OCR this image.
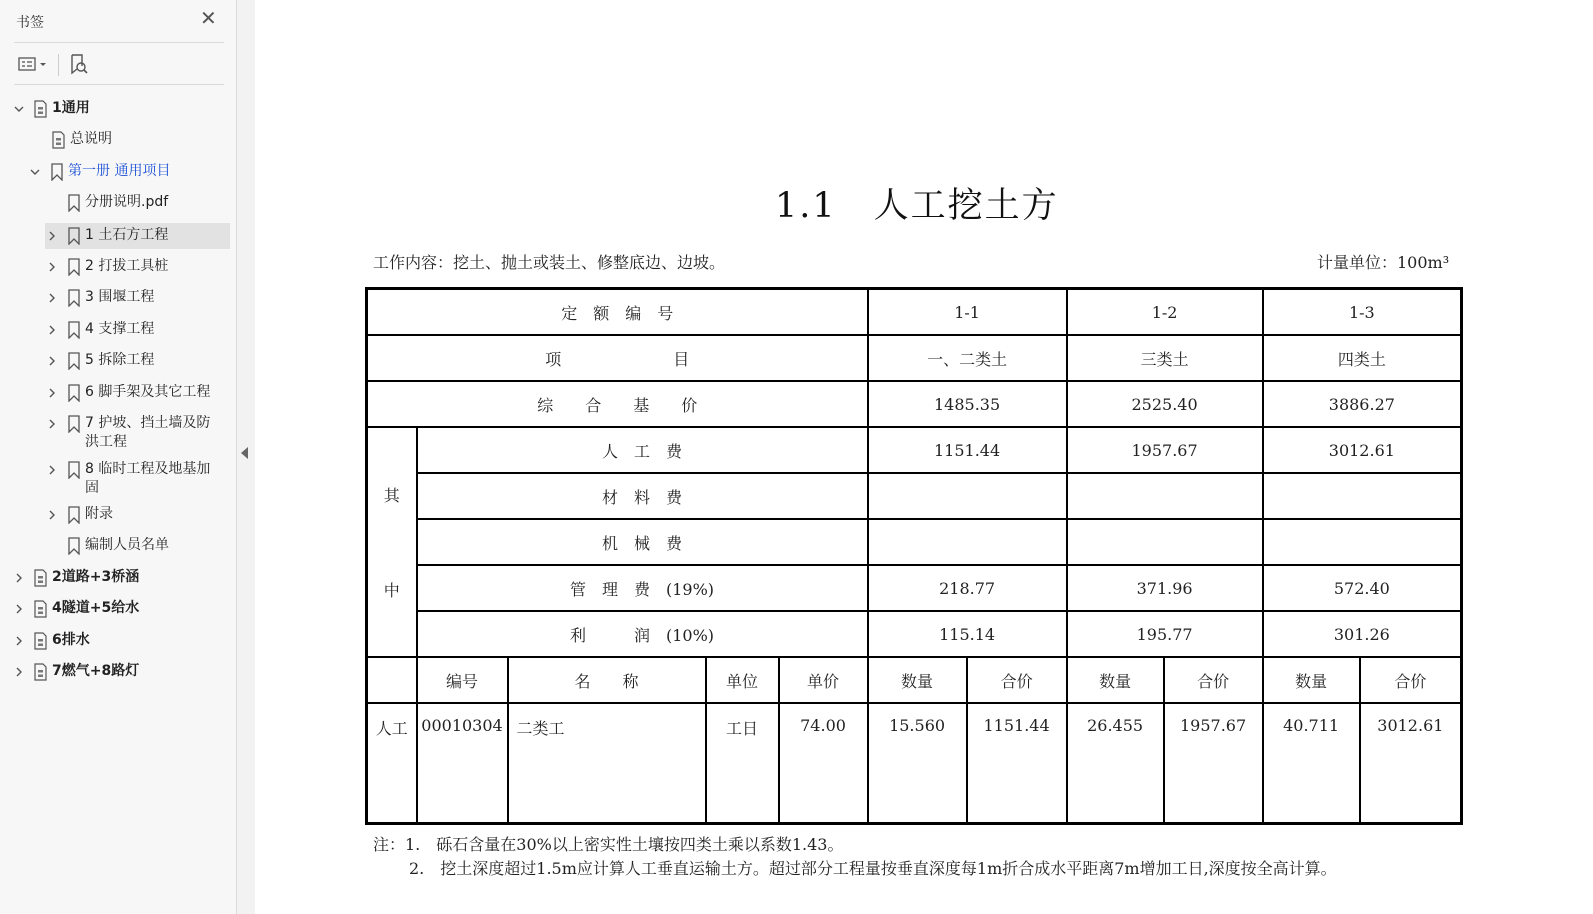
书签	✕
1通用
总说明
第一册 通用项目
分册说明.pdf
1 土石方工程
2 打拔工具桩
3 围堰工程
4 支撑工程
5 拆除工程
6 脚手架及其它工程
7 护坡、挡土墙及防洪工程
8 临时工程及地基加固
附录
编制人员名单
2道路+3桥涵
4隧道+5给水
6排水
7燃气+8路灯
1.1　人工挖土方
工作内容：挖土、抛土或装土、修整底边、边坡。	计量单位：100m³
定　额　编　号					1-1		1-2		1-3	
项　　　　　　　目					一、二类土		三类土		四类土	
综　　合　　基　　价					1485.35		2525.40		3886.27	

其
中	人　工　费				1151.44		1957.67		3012.61	
	材　料　费									
	机　械　费									
	管　理　费　(19%)				218.77		371.96		572.40	
	利　　　润　(10%)				115.14		195.77		301.26	
	编号	名　　称	单位	单价	数量	合价	数量	合价	数量	合价
人工	00010304	二类工	工日	74.00	15.560	1151.44	26.455	1957.67	40.711	3012.61
注：1.　砾石含量在30%以上密实性土壤按四类土乘以系数1.43。
2.　挖土深度超过1.5m应计算人工垂直运输土方。超过部分工程量按垂直深度每1m折合成水平距离7m增加工日,深度按全高计算。
